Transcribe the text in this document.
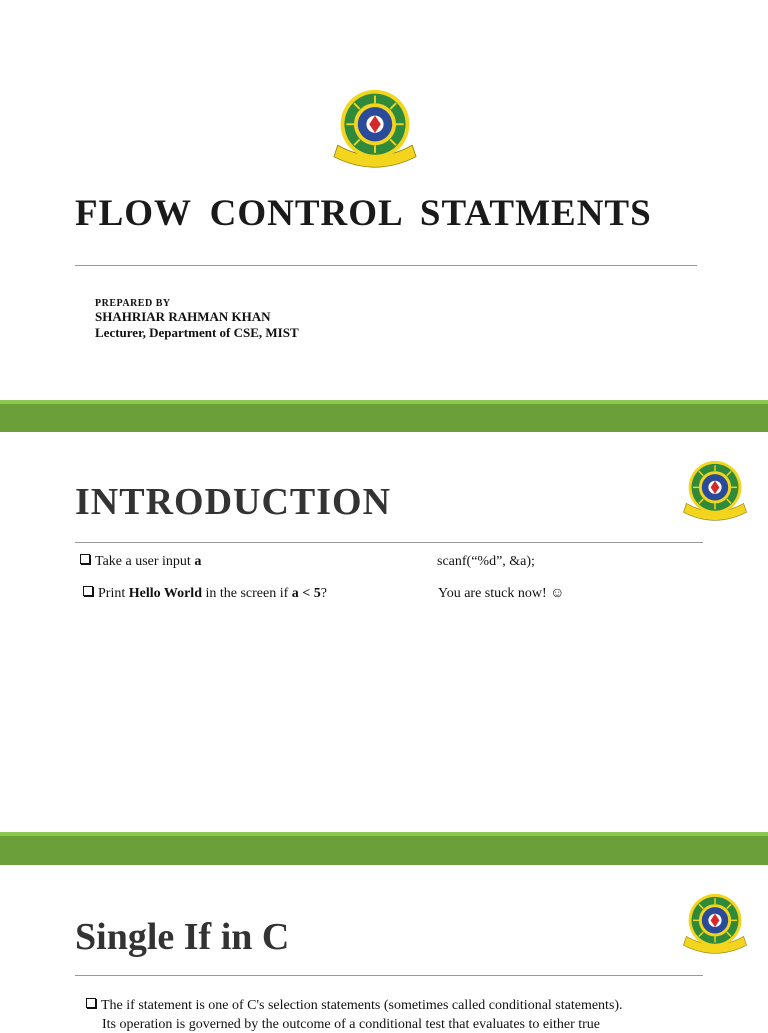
FLOW CONTROL STATMENTS
PREPARED BY
SHAHRIAR RAHMAN KHAN
Lecturer, Department of CSE, MIST
INTRODUCTION
Take a user input a	scanf(“%d”, &a);
Print Hello World in the screen if a < 5?	You are stuck now! ☺
Single If in C
The if statement is one of C's selection statements (sometimes called conditional statements).
Its operation is governed by the outcome of a conditional test that evaluates to either true
